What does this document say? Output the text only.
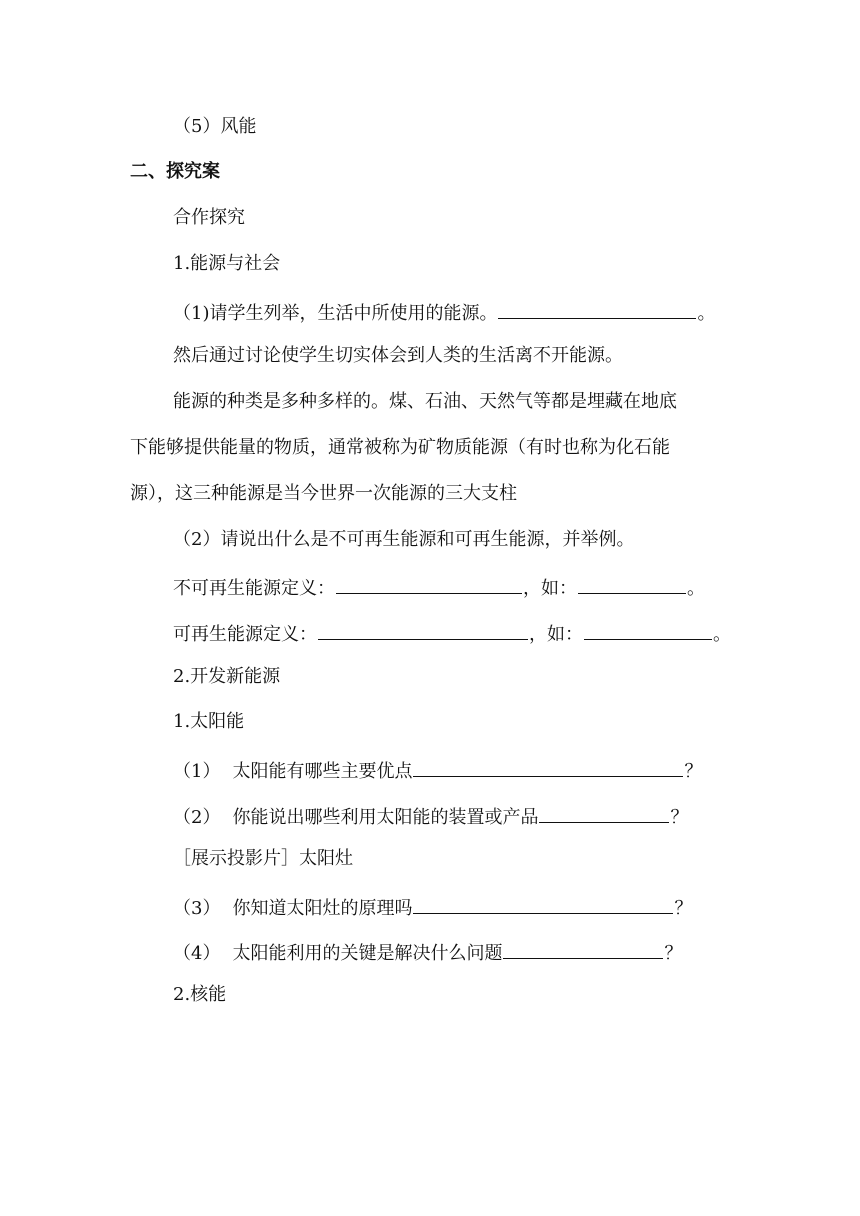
（5）风能
二、探究案
合作探究
1.能源与社会
（1)请学生列举，生活中所使用的能源。	。
然后通过讨论使学生切实体会到人类的生活离不开能源。
能源的种类是多种多样的。煤、石油、天然气等都是埋藏在地底
下能够提供能量的物质，通常被称为矿物质能源（有时也称为化石能
源），这三种能源是当今世界一次能源的三大支柱
（2）请说出什么是不可再生能源和可再生能源，并举例。
不可再生能源定义：	，如：	。
可再生能源定义：	，如：	。
2.开发新能源
1.太阳能
（1） 太阳能有哪些主要优点	？
（2） 你能说出哪些利用太阳能的装置或产品	？
［展示投影片］太阳灶
（3） 你知道太阳灶的原理吗	？
（4） 太阳能利用的关键是解决什么问题	？
2.核能
